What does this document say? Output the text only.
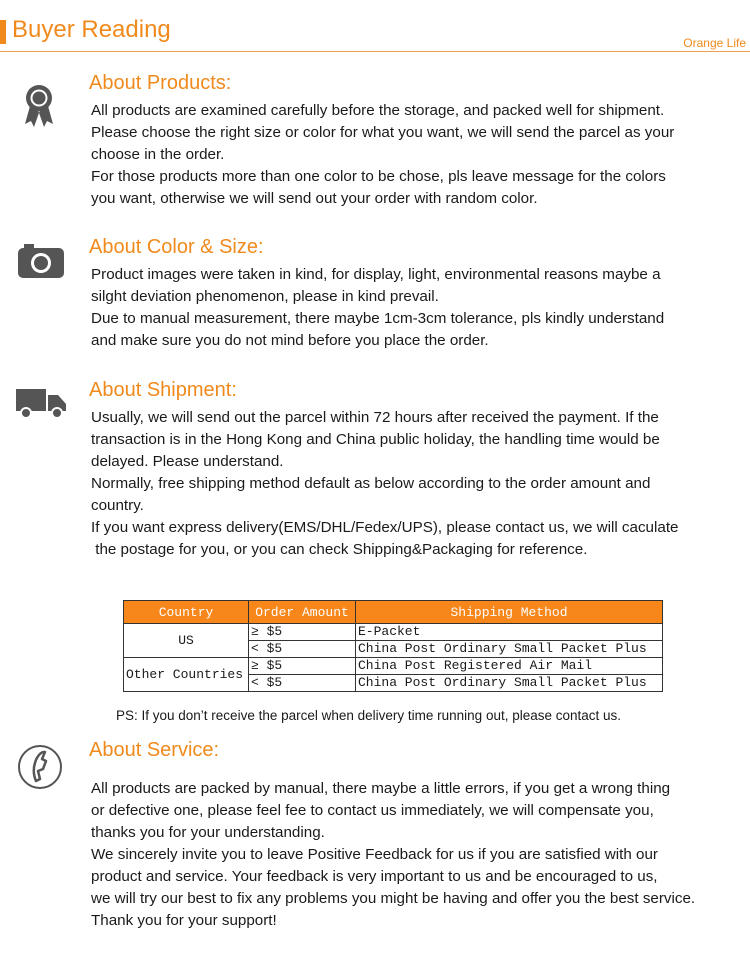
Buyer Reading	Orange Life
About Products:
All products are examined carefully before the storage, and packed well for shipment.
Please choose the right size or color for what you want, we will send the parcel as your
choose in the order.
For those products more than one color to be chose, pls leave message for the colors
you want, otherwise we will send out your order with random color.
About Color & Size:
Product images were taken in kind, for display, light, environmental reasons maybe a
silght deviation phenomenon, please in kind prevail.
Due to manual measurement, there maybe 1cm-3cm tolerance, pls kindly understand
and make sure you do not mind before you place the order.
About Shipment:
Usually, we will send out the parcel within 72 hours after received the payment. If the
transaction is in the Hong Kong and China public holiday, the handling time would be
delayed. Please understand.
Normally, free shipping method default as below according to the order amount and
country.
If you want express delivery(EMS/DHL/Fedex/UPS), please contact us, we will caculate
the postage for you, or you can check Shipping&Packaging for reference.
Country	Order Amount	Shipping Method
US	≥ $5	E-Packet
	< $5	China Post Ordinary Small Packet Plus
Other Countries	≥ $5	China Post Registered Air Mail
	< $5	China Post Ordinary Small Packet Plus
PS: If you don’t receive the parcel when delivery time running out, please contact us.
About Service:
All products are packed by manual, there maybe a little errors, if you get a wrong thing
or defective one, please feel fee to contact us immediately, we will compensate you,
thanks you for your understanding.
We sincerely invite you to leave Positive Feedback for us if you are satisfied with our
product and service. Your feedback is very important to us and be encouraged to us,
we will try our best to fix any problems you might be having and offer you the best service.
Thank you for your support!
